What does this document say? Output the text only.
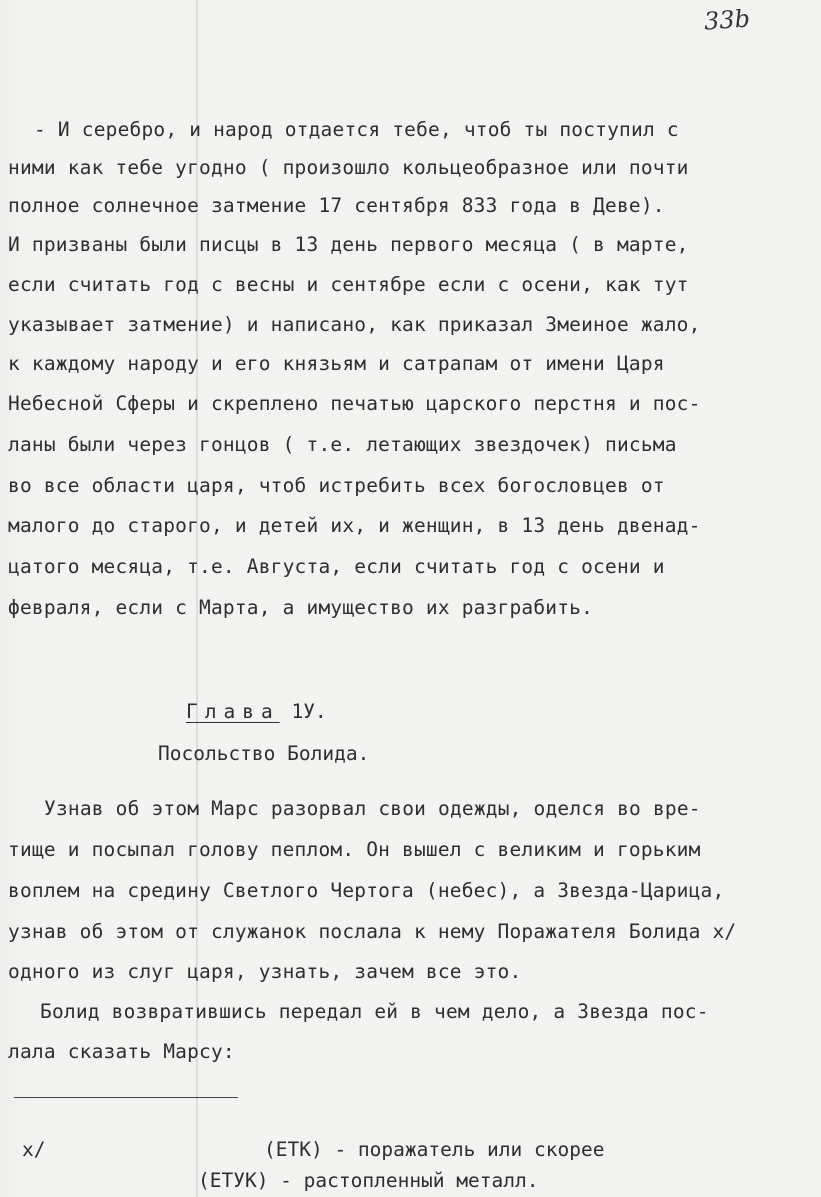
33b
- И серебро, и народ отдается тебе, чтоб ты поступил с
ними как тебе угодно ( произошло кольцеобразное или почти
полное солнечное затмение 17 сентября 833 года в Деве).
И призваны были писцы в 13 день первого месяца ( в марте,
если считать год с весны и сентябре если с осени, как тут
указывает затмение) и написано, как приказал Змеиное жало,
к каждому народу и его князьям и сатрапам от имени Царя
Небесной Сферы и скреплено печатью царского перстня и пос-
ланы были через гонцов ( т.е. летающих звездочек) письма
во все области царя, чтоб истребить всех богословцев от
малого до старого, и детей их, и женщин, в 13 день двенад-
цатого месяца, т.е. Августа, если считать год с осени и
февраля, если с Марта, а имущество их разграбить.
Глава 1У.
Посольство Болида.
Узнав об этом Марс разорвал свои одежды, оделся во вре-
тище и посыпал голову пеплом. Он вышел с великим и горьким
воплем на средину Светлого Чертога (небес), а Звезда-Царица,
узнав об этом от служанок послала к нему Поражателя Болида x/
одного из слуг царя, узнать, зачем все это.
Болид возвратившись передал ей в чем дело, а Звезда пос-
лала сказать Марсу:
x/	(ЕТК) - поражатель или скорее
(ЕТУК) - растопленный металл.
